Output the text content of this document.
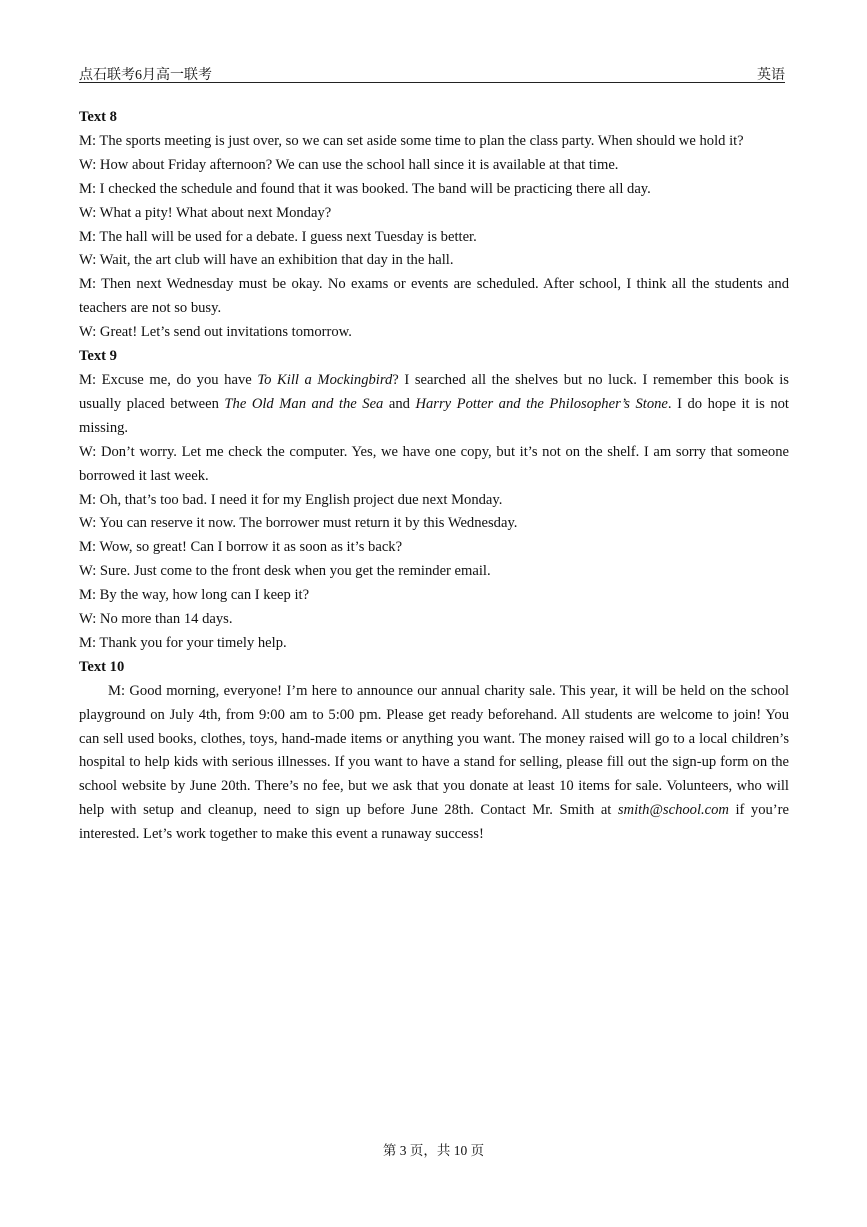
点石联考6月高一联考	英语
Text 8

M: The sports meeting is just over, so we can set aside some time to plan the class party. When should we hold it?

W: How about Friday afternoon? We can use the school hall since it is available at that time.

M: I checked the schedule and found that it was booked. The band will be practicing there all day.

W: What a pity! What about next Monday?

M: The hall will be used for a debate. I guess next Tuesday is better.

W: Wait, the art club will have an exhibition that day in the hall.

M: Then next Wednesday must be okay. No exams or events are scheduled. After school, I think all the students and teachers are not so busy.

W: Great! Let’s send out invitations tomorrow.

Text 9

M: Excuse me, do you have To Kill a Mockingbird? I searched all the shelves but no luck. I remember this book is usually placed between The Old Man and the Sea and Harry Potter and the Philosopher’s Stone. I do hope it is not missing.

W: Don’t worry. Let me check the computer. Yes, we have one copy, but it’s not on the shelf. I am sorry that someone borrowed it last week.

M: Oh, that’s too bad. I need it for my English project due next Monday.

W: You can reserve it now. The borrower must return it by this Wednesday.

M: Wow, so great! Can I borrow it as soon as it’s back?

W: Sure. Just come to the front desk when you get the reminder email.

M: By the way, how long can I keep it?

W: No more than 14 days.

M: Thank you for your timely help.

Text 10

M: Good morning, everyone! I’m here to announce our annual charity sale. This year, it will be held on the school playground on July 4th, from 9:00 am to 5:00 pm. Please get ready beforehand. All students are welcome to join! You can sell used books, clothes, toys, hand-made items or anything you want. The money raised will go to a local children’s hospital to help kids with serious illnesses. If you want to have a stand for selling, please fill out the sign-up form on the school website by June 20th. There’s no fee, but we ask that you donate at least 10 items for sale. Volunteers, who will help with setup and cleanup, need to sign up before June 28th. Contact Mr. Smith at smith@school.com if you’re interested. Let’s work together to make this event a runaway success!

第 3 页，共 10 页
